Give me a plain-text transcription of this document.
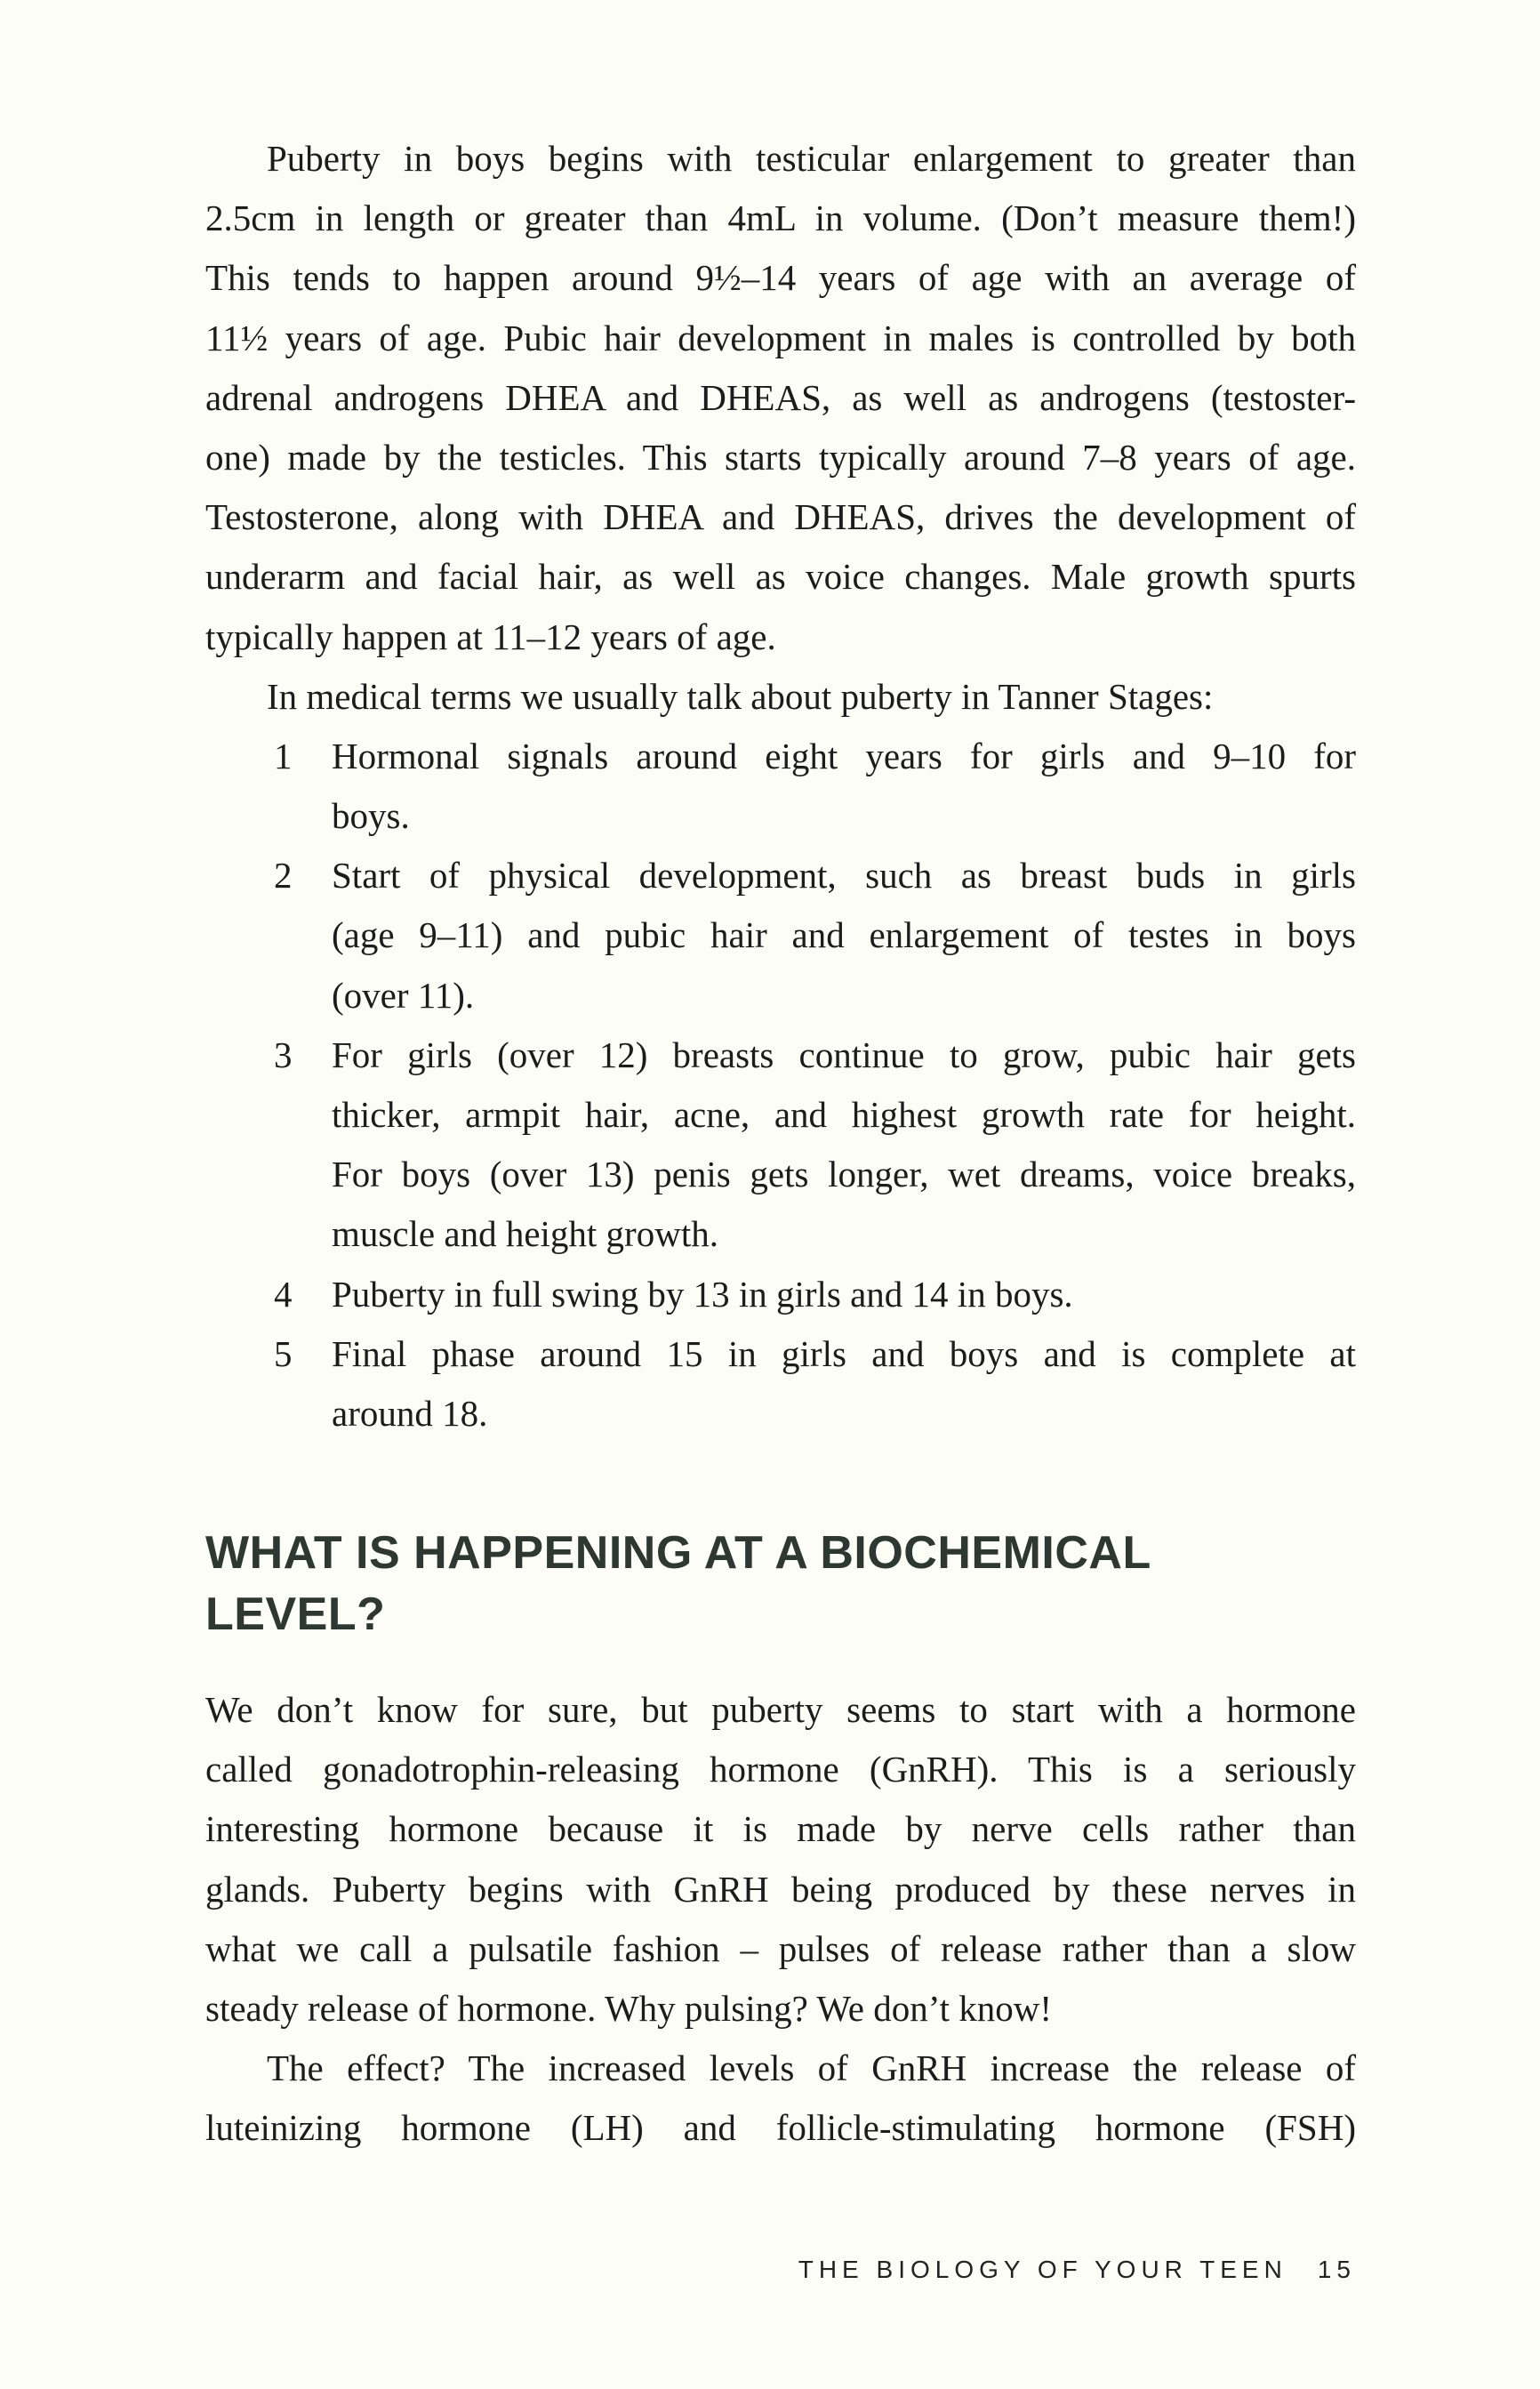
Puberty in boys begins with testicular enlargement to greater than
2.5cm in length or greater than 4mL in volume. (Don’t measure them!)
This tends to happen around 9½–14 years of age with an average of
11½ years of age. Pubic hair development in males is controlled by both
adrenal androgens DHEA and DHEAS, as well as androgens (testoster-
one) made by the testicles. This starts typically around 7–8 years of age.
Testosterone, along with DHEA and DHEAS, drives the development of
underarm and facial hair, as well as voice changes. Male growth spurts
typically happen at 11–12 years of age.
In medical terms we usually talk about puberty in Tanner Stages:
1 Hormonal signals around eight years for girls and 9–10 for
boys.
2 Start of physical development, such as breast buds in girls
(age 9–11) and pubic hair and enlargement of testes in boys
(over 11).
3 For girls (over 12) breasts continue to grow, pubic hair gets
thicker, armpit hair, acne, and highest growth rate for height.
For boys (over 13) penis gets longer, wet dreams, voice breaks,
muscle and height growth.
4 Puberty in full swing by 13 in girls and 14 in boys.
5 Final phase around 15 in girls and boys and is complete at
around 18.
WHAT IS HAPPENING AT A BIOCHEMICAL
LEVEL?
We don’t know for sure, but puberty seems to start with a hormone
called gonadotrophin-releasing hormone (GnRH). This is a seriously
interesting hormone because it is made by nerve cells rather than
glands. Puberty begins with GnRH being produced by these nerves in
what we call a pulsatile fashion – pulses of release rather than a slow
steady release of hormone. Why pulsing? We don’t know!
The effect? The increased levels of GnRH increase the release of
luteinizing hormone (LH) and follicle-stimulating hormone (FSH)
THE BIOLOGY OF YOUR TEEN 15
